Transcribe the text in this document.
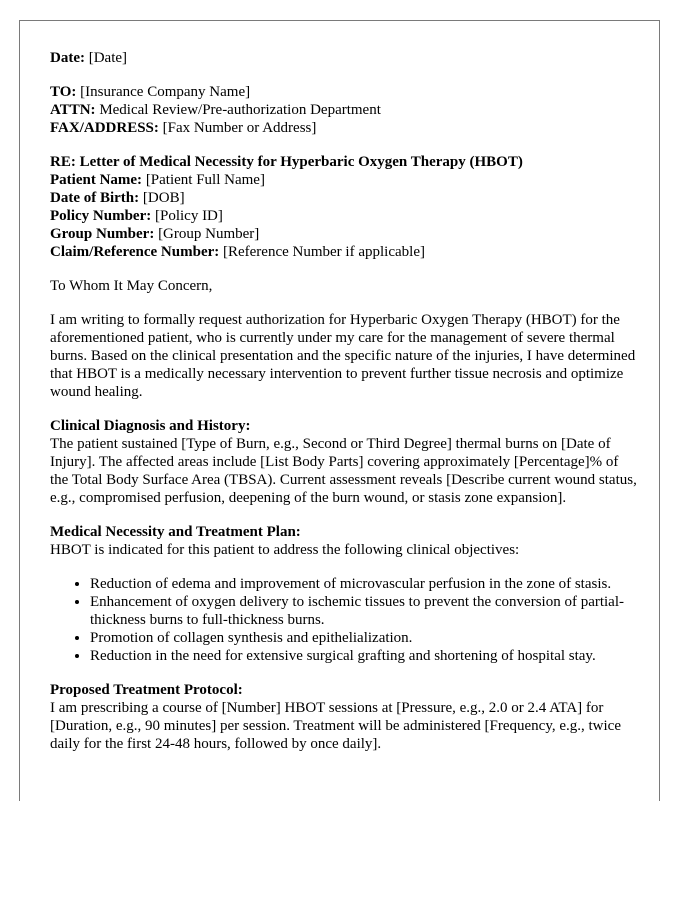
Date: [Date]

TO: [Insurance Company Name]

ATTN: Medical Review/Pre-authorization Department

FAX/ADDRESS: [Fax Number or Address]

RE: Letter of Medical Necessity for Hyperbaric Oxygen Therapy (HBOT)

Patient Name: [Patient Full Name]

Date of Birth: [DOB]

Policy Number: [Policy ID]

Group Number: [Group Number]

Claim/Reference Number: [Reference Number if applicable]

To Whom It May Concern,

I am writing to formally request authorization for Hyperbaric Oxygen Therapy (HBOT) for the aforementioned patient, who is currently under my care for the management of severe thermal burns. Based on the clinical presentation and the specific nature of the injuries, I have determined that HBOT is a medically necessary intervention to prevent further tissue necrosis and optimize wound healing.

Clinical Diagnosis and History:

The patient sustained [Type of Burn, e.g., Second or Third Degree] thermal burns on [Date of Injury]. The affected areas include [List Body Parts] covering approximately [Percentage]% of the Total Body Surface Area (TBSA). Current assessment reveals [Describe current wound status, e.g., compromised perfusion, deepening of the burn wound, or stasis zone expansion].

Medical Necessity and Treatment Plan:

HBOT is indicated for this patient to address the following clinical objectives:

• Reduction of edema and improvement of microvascular perfusion in the zone of stasis.
• Enhancement of oxygen delivery to ischemic tissues to prevent the conversion of partial-thickness burns to full-thickness burns.
• Promotion of collagen synthesis and epithelialization.
• Reduction in the need for extensive surgical grafting and shortening of hospital stay.

Proposed Treatment Protocol:

I am prescribing a course of [Number] HBOT sessions at [Pressure, e.g., 2.0 or 2.4 ATA] for [Duration, e.g., 90 minutes] per session. Treatment will be administered [Frequency, e.g., twice daily for the first 24-48 hours, followed by once daily].
